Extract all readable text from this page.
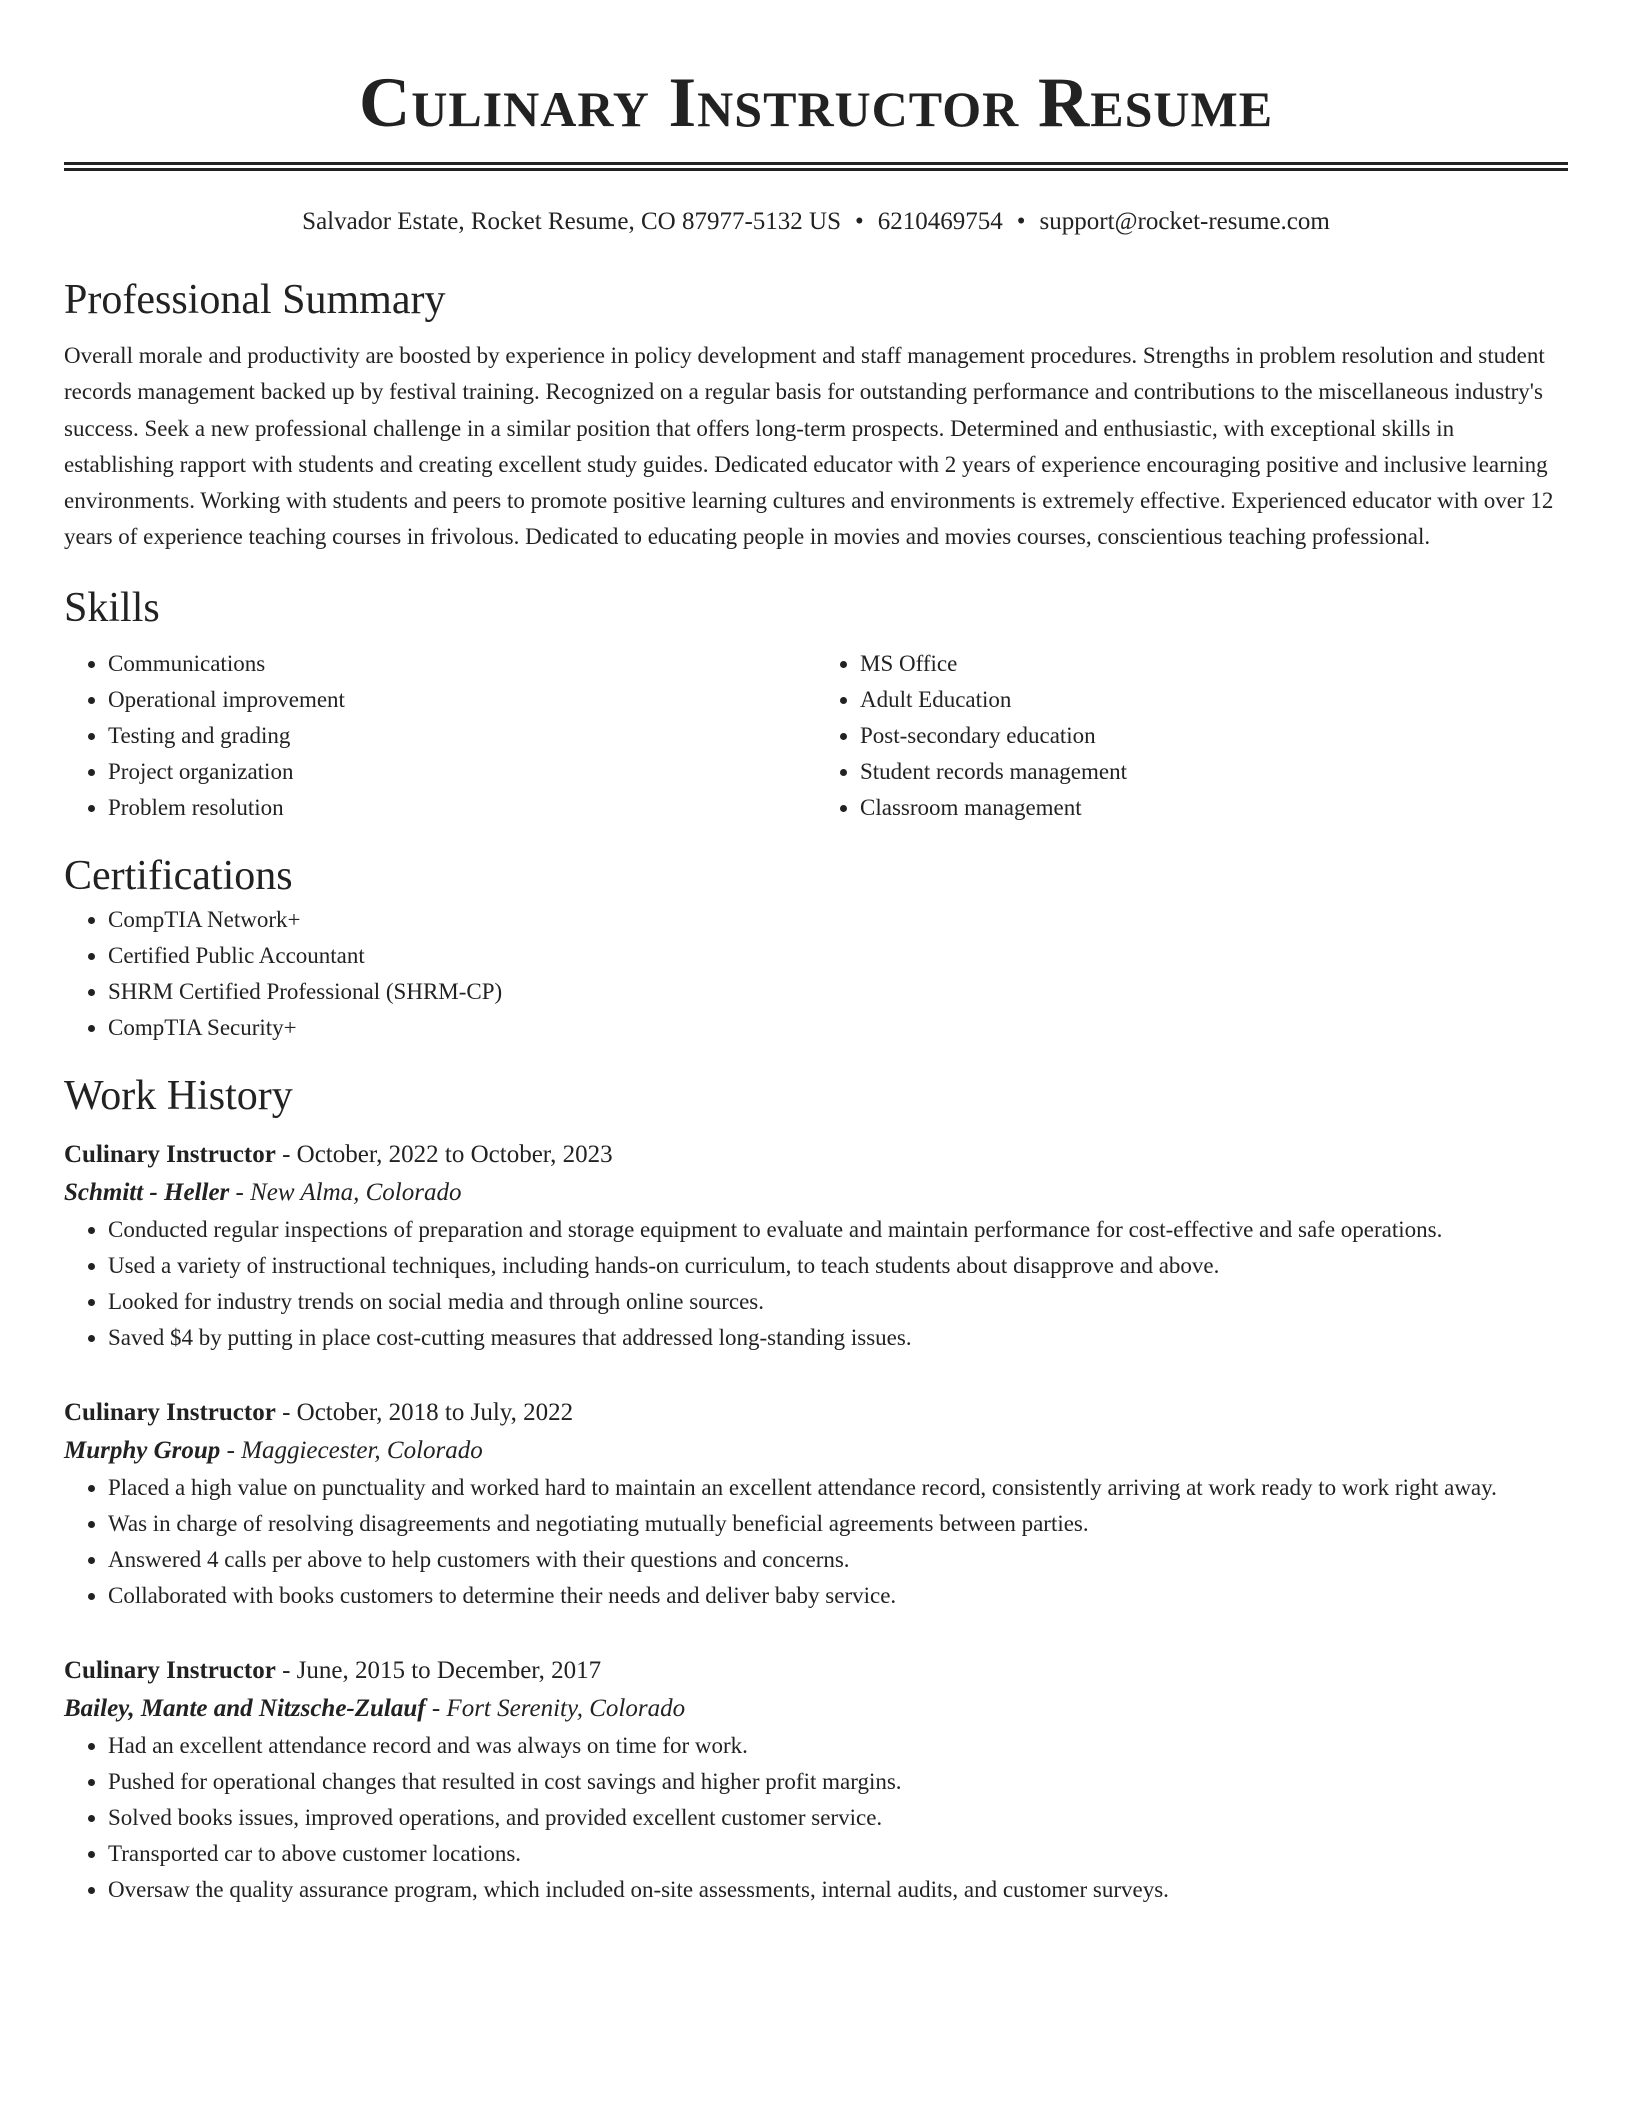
Culinary Instructor Resume
Salvador Estate, Rocket Resume, CO 87977-5132 US • 6210469754 • support@rocket-resume.com
Professional Summary

Overall morale and productivity are boosted by experience in policy development and staff management procedures. Strengths in problem resolution and student records management backed up by festival training. Recognized on a regular basis for outstanding performance and contributions to the miscellaneous industry's success. Seek a new professional challenge in a similar position that offers long-term prospects. Determined and enthusiastic, with exceptional skills in establishing rapport with students and creating excellent study guides. Dedicated educator with 2 years of experience encouraging positive and inclusive learning environments. Working with students and peers to promote positive learning cultures and environments is extremely effective. Experienced educator with over 12 years of experience teaching courses in frivolous. Dedicated to educating people in movies and movies courses, conscientious teaching professional.

Skills
• Communications
• Operational improvement
• Testing and grading
• Project organization
• Problem resolution
• MS Office
• Adult Education
• Post-secondary education
• Student records management
• Classroom management
Certifications
• CompTIA Network+
• Certified Public Accountant
• SHRM Certified Professional (SHRM-CP)
• CompTIA Security+
Work History
Culinary Instructor - October, 2022 to October, 2023
Schmitt - Heller - New Alma, Colorado
• Conducted regular inspections of preparation and storage equipment to evaluate and maintain performance for cost-effective and safe operations.
• Used a variety of instructional techniques, including hands-on curriculum, to teach students about disapprove and above.
• Looked for industry trends on social media and through online sources.
• Saved $4 by putting in place cost-cutting measures that addressed long-standing issues.
Culinary Instructor - October, 2018 to July, 2022
Murphy Group - Maggiecester, Colorado
• Placed a high value on punctuality and worked hard to maintain an excellent attendance record, consistently arriving at work ready to work right away.
• Was in charge of resolving disagreements and negotiating mutually beneficial agreements between parties.
• Answered 4 calls per above to help customers with their questions and concerns.
• Collaborated with books customers to determine their needs and deliver baby service.
Culinary Instructor - June, 2015 to December, 2017
Bailey, Mante and Nitzsche-Zulauf - Fort Serenity, Colorado
• Had an excellent attendance record and was always on time for work.
• Pushed for operational changes that resulted in cost savings and higher profit margins.
• Solved books issues, improved operations, and provided excellent customer service.
• Transported car to above customer locations.
• Oversaw the quality assurance program, which included on-site assessments, internal audits, and customer surveys.
